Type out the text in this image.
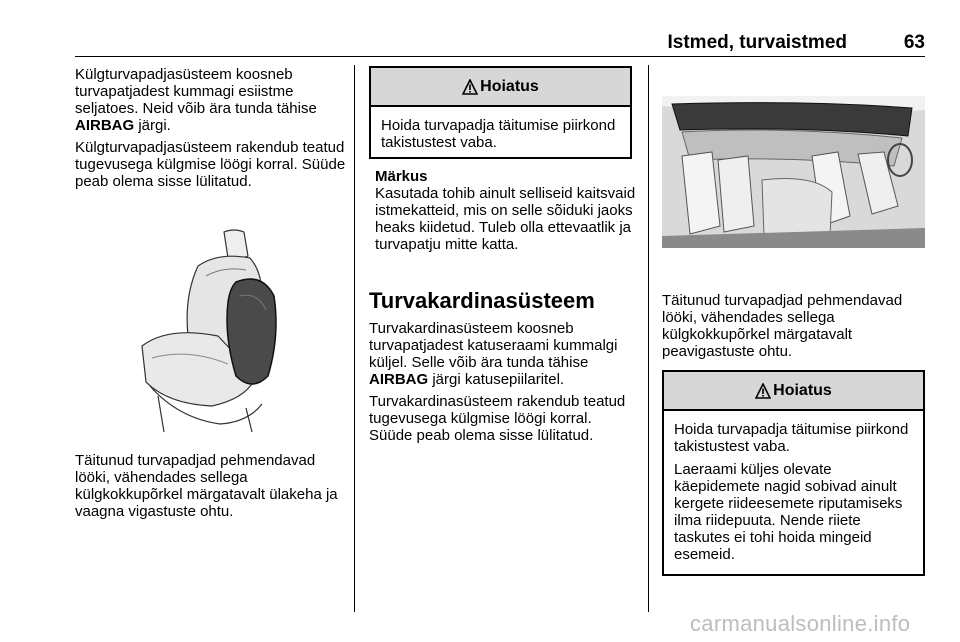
Istmed, turvaistmed	63

Külgturvapadjasüsteem koosneb turvapatjadest kummagi esiistme seljatoes. Neid võib ära tunda tähise AIRBAG järgi.

Külgturvapadjasüsteem rakendub teatud tugevusega külgmise löögi korral. Süüde peab olema sisse lülitatud.

Täitunud turvapadjad pehmendavad lööki, vähendades sellega külgkokkupõrkel märgatavalt ülakeha ja vaagna vigastuste ohtu.

Hoiatus

Hoida turvapadja täitumise piirkond takistustest vaba.

Märkus

Kasutada tohib ainult selliseid kaitsvaid istmekatteid, mis on selle sõiduki jaoks heaks kiidetud. Tuleb olla ettevaatlik ja turvapatju mitte katta.

Turvakardinasüsteem

Turvakardinasüsteem koosneb turvapatjadest katuseraami kummalgi küljel. Selle võib ära tunda tähise AIRBAG järgi katusepiilaritel.

Turvakardinasüsteem rakendub teatud tugevusega külgmise löögi korral. Süüde peab olema sisse lülitatud.

Täitunud turvapadjad pehmendavad lööki, vähendades sellega külgkokkupõrkel märgatavalt peavigastuste ohtu.

Hoiatus

Hoida turvapadja täitumise piirkond takistustest vaba.

Laeraami küljes olevate käepidemete nagid sobivad ainult kergete riideesemete riputamiseks ilma riidepuuta. Nende riiete taskutes ei tohi hoida mingeid esemeid.

carmanualsonline.info
